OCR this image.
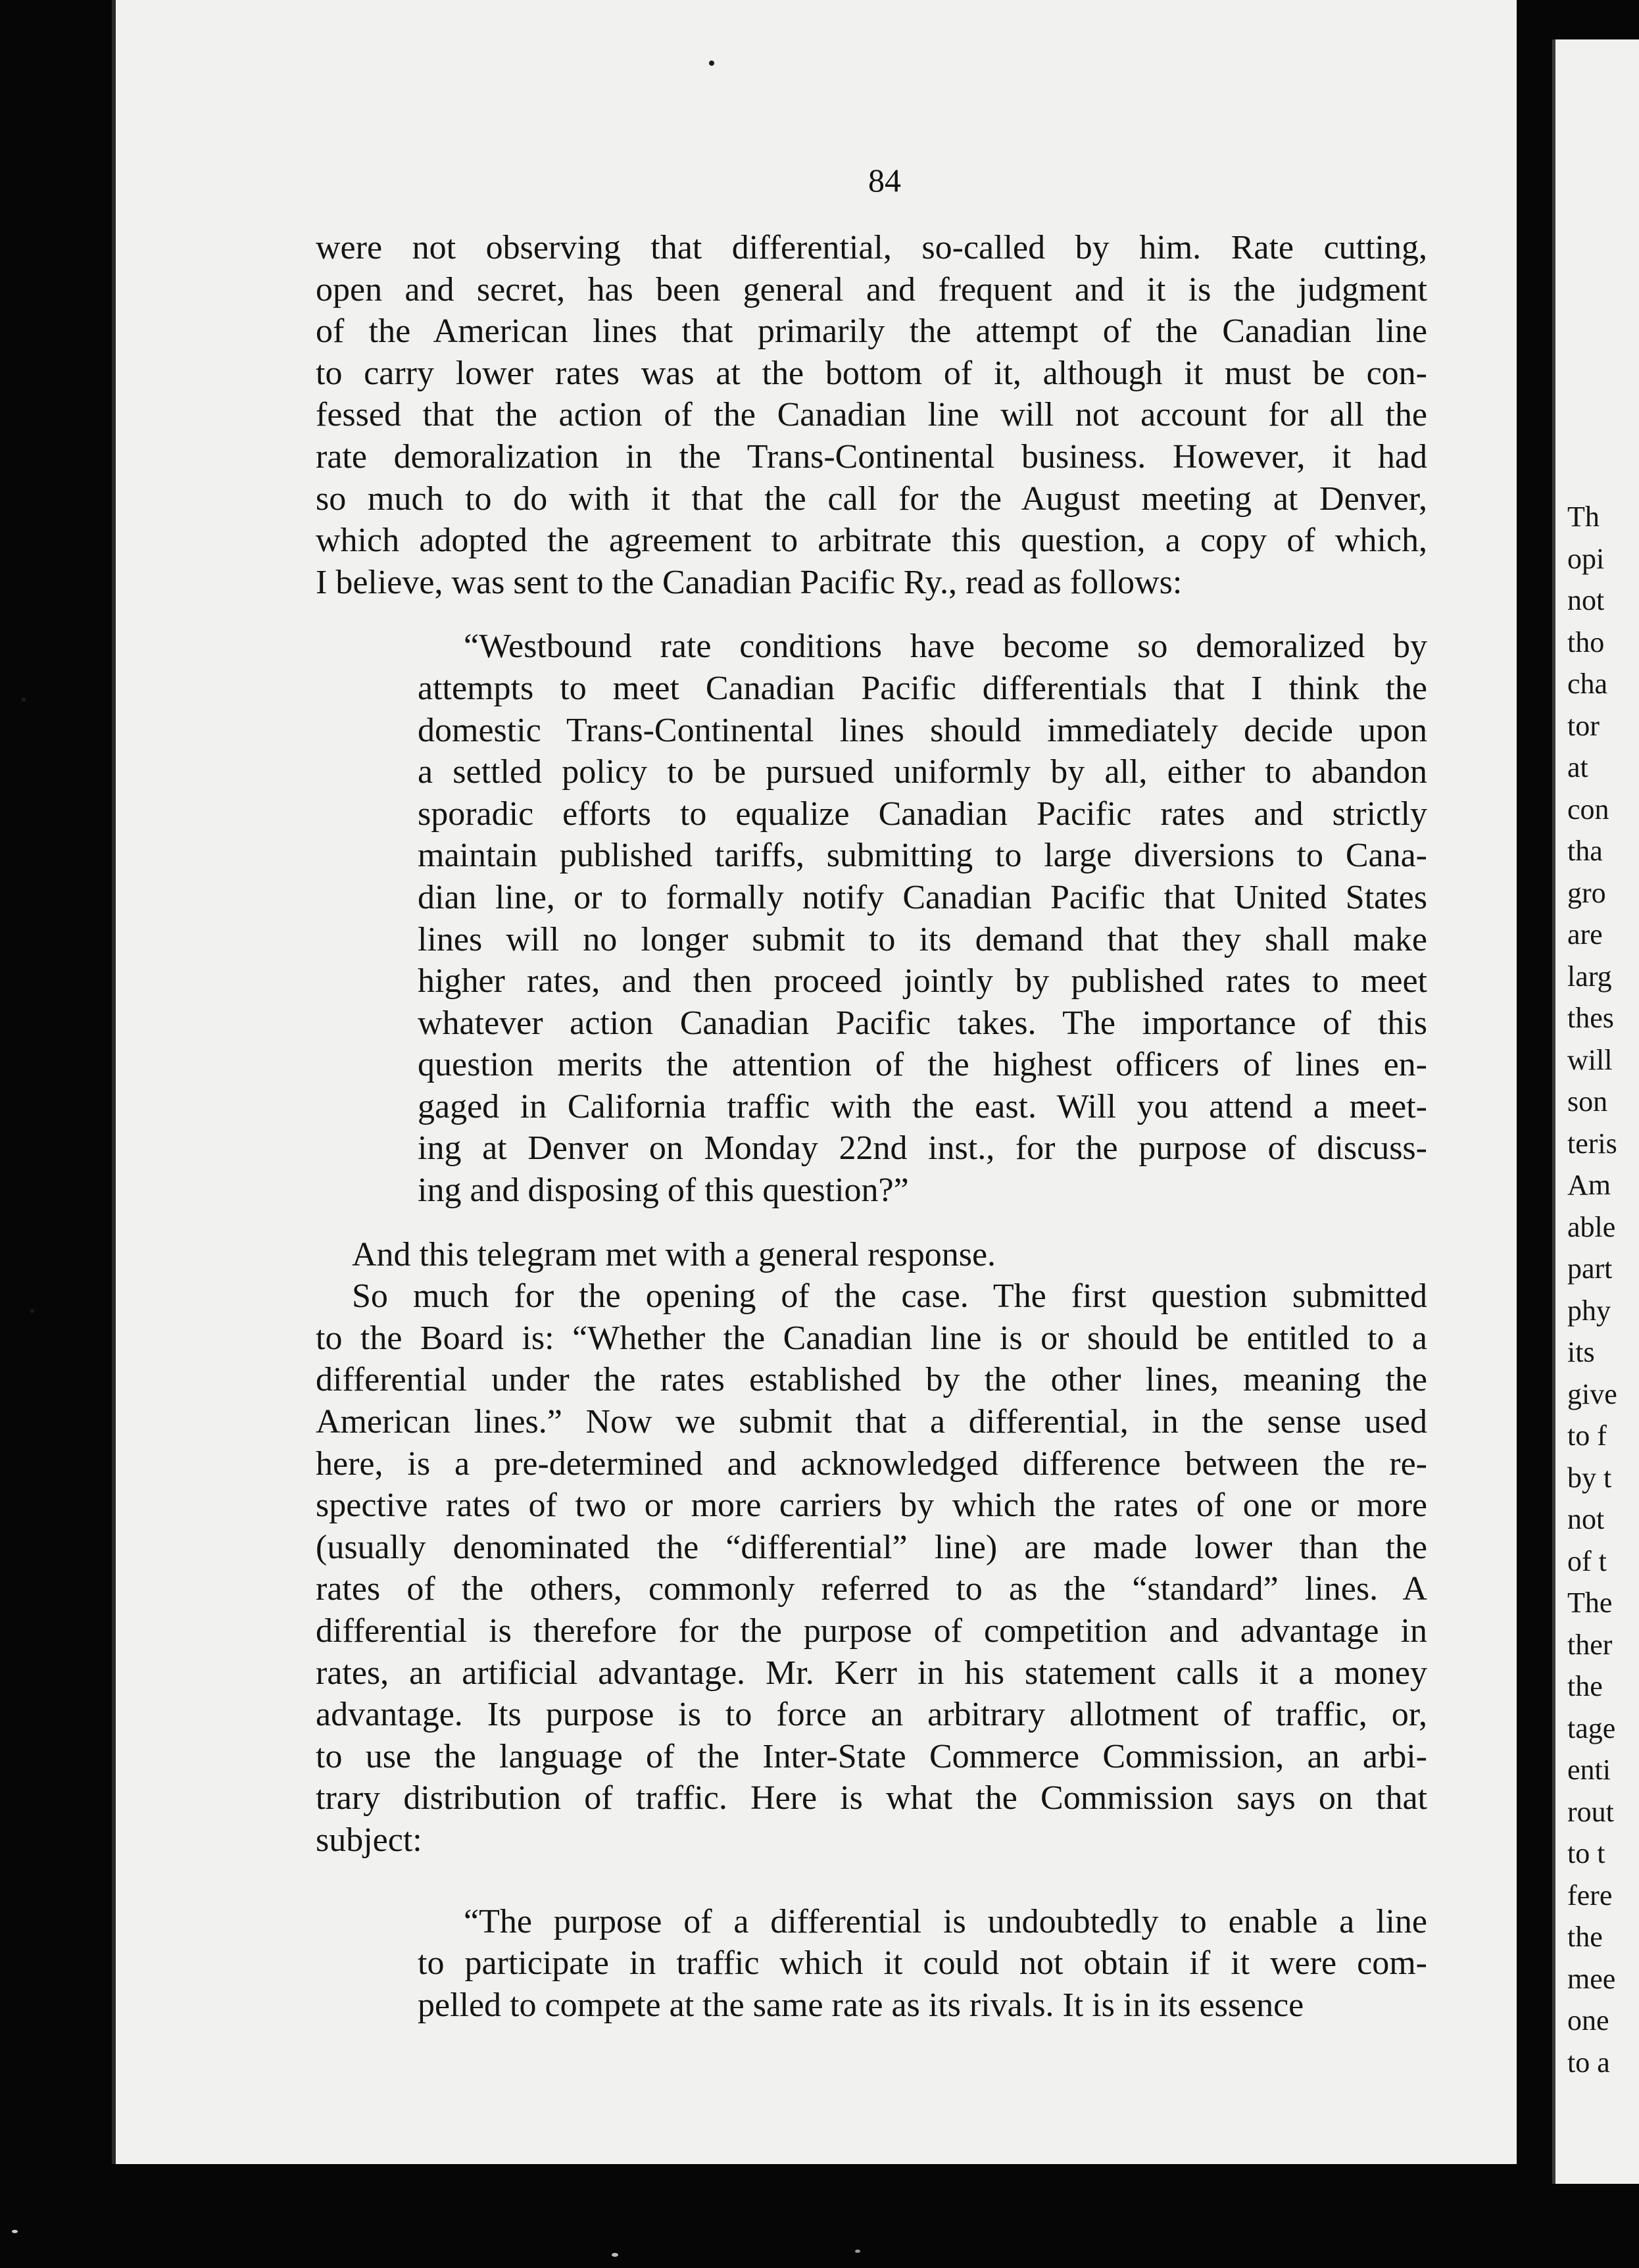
Th
opi
not
tho
cha
tor
at
con
tha
gro
are
larg
thes
will
son
teris
Am
able
part
phy
its
give
to f
by t
not
of t
The
ther
the
tage
enti
rout
to t
fere
the
mee
one
to a
84
were not observing that differential, so-called by him. Rate cutting,
open and secret, has been general and frequent and it is the judgment
of the American lines that primarily the attempt of the Canadian line
to carry lower rates was at the bottom of it, although it must be con-
fessed that the action of the Canadian line will not account for all the
rate demoralization in the Trans-Continental business. However, it had
so much to do with it that the call for the August meeting at Denver,
which adopted the agreement to arbitrate this question, a copy of which,
I believe, was sent to the Canadian Pacific Ry., read as follows:
“Westbound rate conditions have become so demoralized by
attempts to meet Canadian Pacific differentials that I think the
domestic Trans-Continental lines should immediately decide upon
a settled policy to be pursued uniformly by all, either to abandon
sporadic efforts to equalize Canadian Pacific rates and strictly
maintain published tariffs, submitting to large diversions to Cana-
dian line, or to formally notify Canadian Pacific that United States
lines will no longer submit to its demand that they shall make
higher rates, and then proceed jointly by published rates to meet
whatever action Canadian Pacific takes. The importance of this
question merits the attention of the highest officers of lines en-
gaged in California traffic with the east. Will you attend a meet-
ing at Denver on Monday 22nd inst., for the purpose of discuss-
ing and disposing of this question?”
And this telegram met with a general response.
So much for the opening of the case. The first question submitted
to the Board is: “Whether the Canadian line is or should be entitled to a
differential under the rates established by the other lines, meaning the
American lines.” Now we submit that a differential, in the sense used
here, is a pre-determined and acknowledged difference between the re-
spective rates of two or more carriers by which the rates of one or more
(usually denominated the “differential” line) are made lower than the
rates of the others, commonly referred to as the “standard” lines. A
differential is therefore for the purpose of competition and advantage in
rates, an artificial advantage. Mr. Kerr in his statement calls it a money
advantage. Its purpose is to force an arbitrary allotment of traffic, or,
to use the language of the Inter-State Commerce Commission, an arbi-
trary distribution of traffic. Here is what the Commission says on that
subject:
“The purpose of a differential is undoubtedly to enable a line
to participate in traffic which it could not obtain if it were com-
pelled to compete at the same rate as its rivals. It is in its essence
